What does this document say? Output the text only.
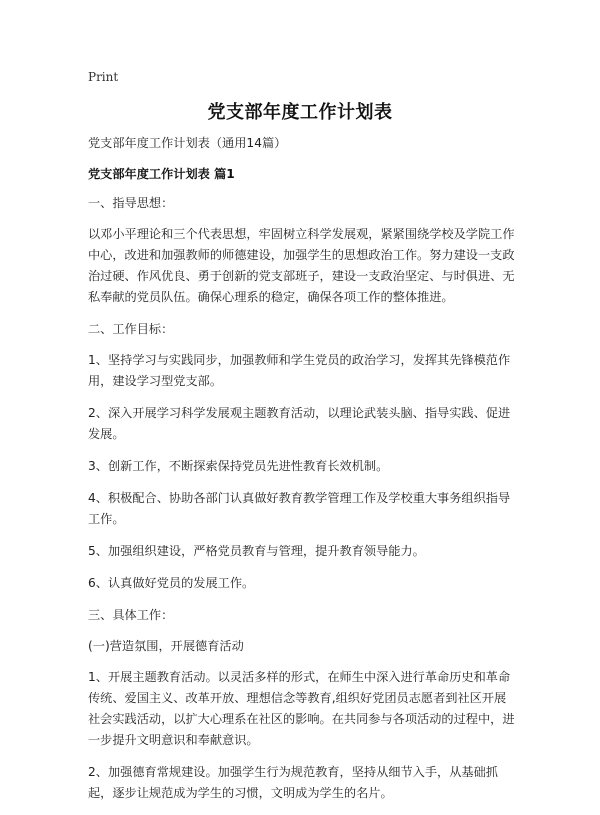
Print
党支部年度工作计划表

党支部年度工作计划表（通用14篇）

党支部年度工作计划表 篇1

一、指导思想：

以邓小平理论和三个代表思想，牢固树立科学发展观，紧紧围绕学校及学院工作中心，改进和加强教师的师德建设，加强学生的思想政治工作。努力建设一支政治过硬、作风优良、勇于创新的党支部班子，建设一支政治坚定、与时俱进、无私奉献的党员队伍。确保心理系的稳定，确保各项工作的整体推进。

二、工作目标：

1、坚持学习与实践同步，加强教师和学生党员的政治学习，发挥其先锋模范作用，建设学习型党支部。

2、深入开展学习科学发展观主题教育活动，以理论武装头脑、指导实践、促进发展。

3、创新工作，不断探索保持党员先进性教育长效机制。

4、积极配合、协助各部门认真做好教育教学管理工作及学校重大事务组织指导工作。

5、加强组织建设，严格党员教育与管理，提升教育领导能力。

6、认真做好党员的发展工作。

三、具体工作：

(一)营造氛围，开展德育活动

1、开展主题教育活动。以灵活多样的形式，在师生中深入进行革命历史和革命传统、爱国主义、改革开放、理想信念等教育,组织好党团员志愿者到社区开展社会实践活动，以扩大心理系在社区的影响。在共同参与各项活动的过程中，进一步提升文明意识和奉献意识。

2、加强德育常规建设。加强学生行为规范教育，坚持从细节入手，从基础抓起，逐步让规范成为学生的习惯，文明成为学生的名片。
